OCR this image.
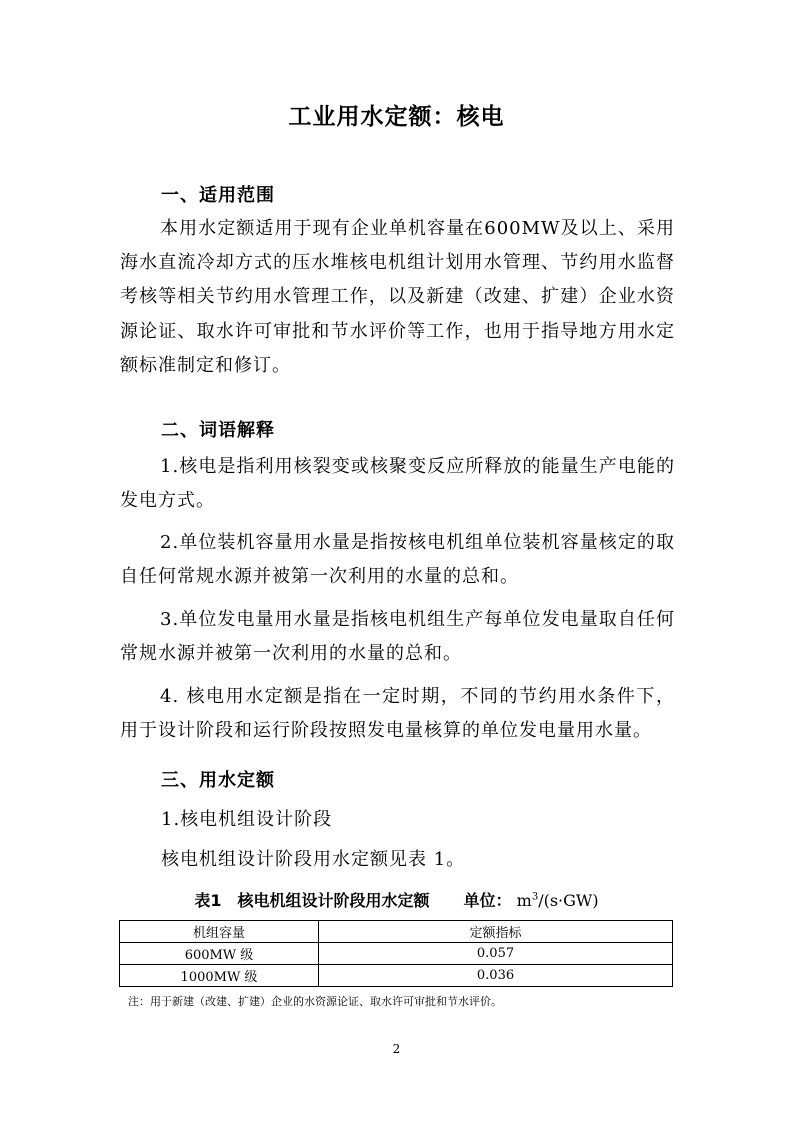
工业用水定额：核电
一、适用范围
本用水定额适用于现有企业单机容量在600MW及以上、采用海水直流冷却方式的压水堆核电机组计划用水管理、节约用水监督考核等相关节约用水管理工作，以及新建（改建、扩建）企业水资源论证、取水许可审批和节水评价等工作，也用于指导地方用水定额标准制定和修订。
二、词语解释
1.核电是指利用核裂变或核聚变反应所释放的能量生产电能的发电方式。
2.单位装机容量用水量是指按核电机组单位装机容量核定的取自任何常规水源并被第一次利用的水量的总和。
3.单位发电量用水量是指核电机组生产每单位发电量取自任何常规水源并被第一次利用的水量的总和。
4. 核电用水定额是指在一定时期，不同的节约用水条件下，用于设计阶段和运行阶段按照发电量核算的单位发电量用水量。
三、用水定额
1.核电机组设计阶段
核电机组设计阶段用水定额见表 1。
表1　核电机组设计阶段用水定额 单位： $m^3/(s\cdot GW)$
机组容量	定额指标
600MW 级	0.057
1000MW 级	0.036
注：用于新建（改建、扩建）企业的水资源论证、取水许可审批和节水评价。
2
